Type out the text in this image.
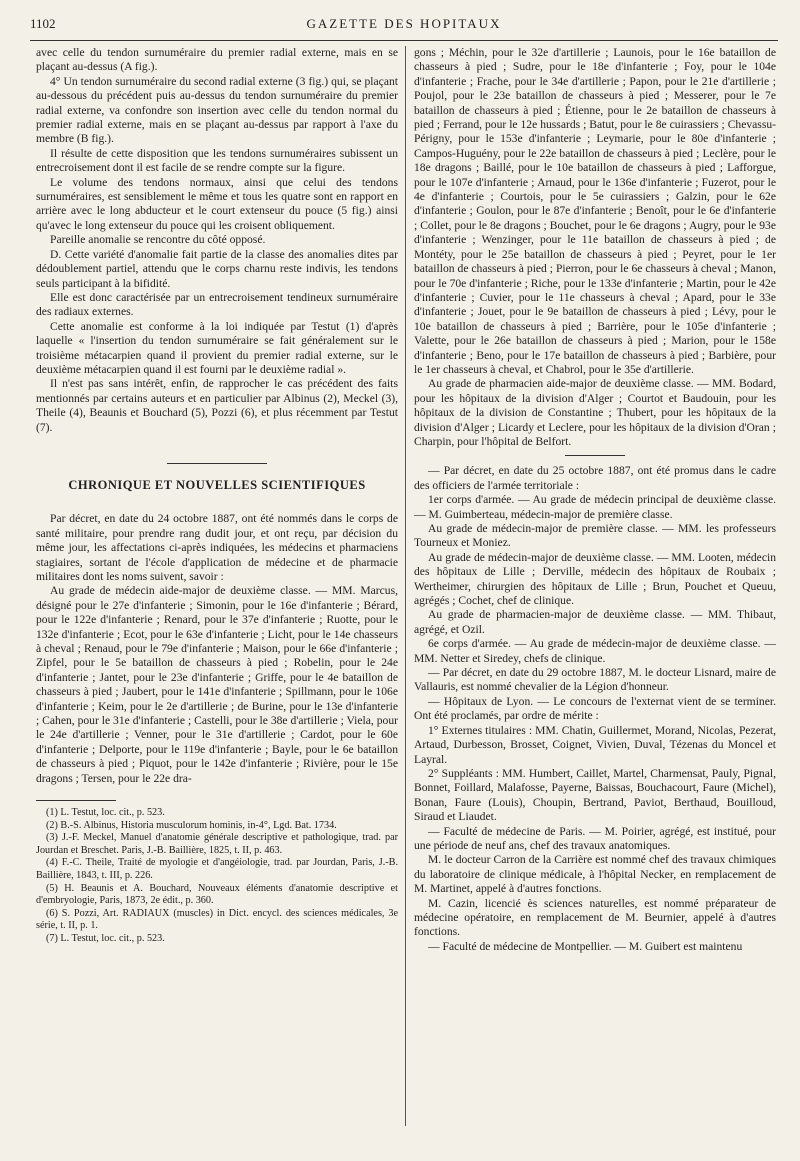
1102	GAZETTE DES HOPITAUX

avec celle du tendon surnuméraire du premier radial externe, mais en se plaçant au-dessus (A fig.).

4° Un tendon surnuméraire du second radial externe (3 fig.) qui, se plaçant au-dessous du précédent puis au-dessus du tendon surnuméraire du premier radial externe, va confondre son insertion avec celle du tendon normal du premier radial externe, mais en se plaçant au-dessus par rapport à l'axe du membre (B fig.).

Il résulte de cette disposition que les tendons surnuméraires subissent un entrecroisement dont il est facile de se rendre compte sur la figure.

Le volume des tendons normaux, ainsi que celui des tendons surnuméraires, est sensiblement le même et tous les quatre sont en rapport en arrière avec le long abducteur et le court extenseur du pouce (5 fig.) ainsi qu'avec le long extenseur du pouce qui les croisent obliquement.

Pareille anomalie se rencontre du côté opposé.

D. Cette variété d'anomalie fait partie de la classe des anomalies dites par dédoublement partiel, attendu que le corps charnu reste indivis, les tendons seuls participant à la bifidité.

Elle est donc caractérisée par un entrecroisement tendineux surnuméraire des radiaux externes.

Cette anomalie est conforme à la loi indiquée par Testut (1) d'après laquelle « l'insertion du tendon surnuméraire se fait généralement sur le troisième métacarpien quand il provient du premier radial externe, sur le deuxième métacarpien quand il est fourni par le deuxième radial ».

Il n'est pas sans intérêt, enfin, de rapprocher le cas précédent des faits mentionnés par certains auteurs et en particulier par Albinus (2), Meckel (3), Theile (4), Beaunis et Bouchard (5), Pozzi (6), et plus récemment par Testut (7).

CHRONIQUE ET NOUVELLES SCIENTIFIQUES

Par décret, en date du 24 octobre 1887, ont été nommés dans le corps de santé militaire, pour prendre rang dudit jour, et ont reçu, par décision du même jour, les affectations ci-après indiquées, les médecins et pharmaciens stagiaires, sortant de l'école d'application de médecine et de pharmacie militaires dont les noms suivent, savoir :

Au grade de médecin aide-major de deuxième classe. — MM. Marcus, désigné pour le 27e d'infanterie ; Simonin, pour le 16e d'infanterie ; Bérard, pour le 122e d'infanterie ; Renard, pour le 37e d'infanterie ; Ruotte, pour le 132e d'infanterie ; Ecot, pour le 63e d'infanterie ; Licht, pour le 14e chasseurs à cheval ; Renaud, pour le 79e d'infanterie ; Maison, pour le 66e d'infanterie ; Zipfel, pour le 5e bataillon de chasseurs à pied ; Robelin, pour le 24e d'infanterie ; Jantet, pour le 23e d'infanterie ; Griffe, pour le 4e bataillon de chasseurs à pied ; Jaubert, pour le 141e d'infanterie ; Spillmann, pour le 106e d'infanterie ; Keim, pour le 2e d'artillerie ; de Burine, pour le 13e d'infanterie ; Cahen, pour le 31e d'infanterie ; Castelli, pour le 38e d'artillerie ; Viela, pour le 24e d'artillerie ; Venner, pour le 31e d'artillerie ; Cardot, pour le 60e d'infanterie ; Delporte, pour le 119e d'infanterie ; Bayle, pour le 6e bataillon de chasseurs à pied ; Piquot, pour le 142e d'infanterie ; Rivière, pour le 15e dragons ; Tersen, pour le 22e dra-

(1) L. Testut, loc. cit., p. 523.

(2) B.-S. Albinus, Historia musculorum hominis, in-4°, Lgd. Bat. 1734.

(3) J.-F. Meckel, Manuel d'anatomie générale descriptive et pathologique, trad. par Jourdan et Breschet. Paris, J.-B. Baillière, 1825, t. II, p. 463.

(4) F.-C. Theile, Traité de myologie et d'angéiologie, trad. par Jourdan, Paris, J.-B. Baillière, 1843, t. III, p. 226.

(5) H. Beaunis et A. Bouchard, Nouveaux éléments d'anatomie descriptive et d'embryologie, Paris, 1873, 2e édit., p. 360.

(6) S. Pozzi, Art. RADIAUX (muscles) in Dict. encycl. des sciences médicales, 3e série, t. II, p. 1.

(7) L. Testut, loc. cit., p. 523.

gons ; Méchin, pour le 32e d'artillerie ; Launois, pour le 16e bataillon de chasseurs à pied ; Sudre, pour le 18e d'infanterie ; Foy, pour le 104e d'infanterie ; Frache, pour le 34e d'artillerie ; Papon, pour le 21e d'artillerie ; Poujol, pour le 23e bataillon de chasseurs à pied ; Messerer, pour le 7e bataillon de chasseurs à pied ; Étienne, pour le 2e bataillon de chasseurs à pied ; Ferrand, pour le 12e hussards ; Batut, pour le 8e cuirassiers ; Chevassu-Périgny, pour le 153e d'infanterie ; Leymarie, pour le 80e d'infanterie ; Campos-Huguény, pour le 22e bataillon de chasseurs à pied ; Leclère, pour le 18e dragons ; Baillé, pour le 10e bataillon de chasseurs à pied ; Lafforgue, pour le 107e d'infanterie ; Arnaud, pour le 136e d'infanterie ; Fuzerot, pour le 4e d'infanterie ; Courtois, pour le 5e cuirassiers ; Galzin, pour le 62e d'infanterie ; Goulon, pour le 87e d'infanterie ; Benoît, pour le 6e d'infanterie ; Collet, pour le 8e dragons ; Bouchet, pour le 6e dragons ; Augry, pour le 93e d'infanterie ; Wenzinger, pour le 11e bataillon de chasseurs à pied ; de Montéty, pour le 25e bataillon de chasseurs à pied ; Peyret, pour le 1er bataillon de chasseurs à pied ; Pierron, pour le 6e chasseurs à cheval ; Manon, pour le 70e d'infanterie ; Riche, pour le 133e d'infanterie ; Martin, pour le 42e d'infanterie ; Cuvier, pour le 11e chasseurs à cheval ; Apard, pour le 33e d'infanterie ; Jouet, pour le 9e bataillon de chasseurs à pied ; Lévy, pour le 10e bataillon de chasseurs à pied ; Barrière, pour le 105e d'infanterie ; Valette, pour le 26e bataillon de chasseurs à pied ; Marion, pour le 158e d'infanterie ; Beno, pour le 17e bataillon de chasseurs à pied ; Barbière, pour le 1er chasseurs à cheval, et Chabrol, pour le 35e d'artillerie.

Au grade de pharmacien aide-major de deuxième classe. — MM. Bodard, pour les hôpitaux de la division d'Alger ; Courtot et Baudouin, pour les hôpitaux de la division de Constantine ; Thubert, pour les hôpitaux de la division d'Alger ; Licardy et Leclere, pour les hôpitaux de la division d'Oran ; Charpin, pour l'hôpital de Belfort.

— Par décret, en date du 25 octobre 1887, ont été promus dans le cadre des officiers de l'armée territoriale :

1er corps d'armée. — Au grade de médecin principal de deuxième classe. — M. Guimberteau, médecin-major de première classe.

Au grade de médecin-major de première classe. — MM. les professeurs Tourneux et Moniez.

Au grade de médecin-major de deuxième classe. — MM. Looten, médecin des hôpitaux de Lille ; Derville, médecin des hôpitaux de Roubaix ; Wertheimer, chirurgien des hôpitaux de Lille ; Brun, Pouchet et Queuu, agrégés ; Cochet, chef de clinique.

Au grade de pharmacien-major de deuxième classe. — MM. Thibaut, agrégé, et Ozil.

6e corps d'armée. — Au grade de médecin-major de deuxième classe. — MM. Netter et Siredey, chefs de clinique.

— Par décret, en date du 29 octobre 1887, M. le docteur Lisnard, maire de Vallauris, est nommé chevalier de la Légion d'honneur.

— Hôpitaux de Lyon. — Le concours de l'externat vient de se terminer. Ont été proclamés, par ordre de mérite :

1° Externes titulaires : MM. Chatin, Guillermet, Morand, Nicolas, Pezerat, Artaud, Durbesson, Brosset, Coignet, Vivien, Duval, Tézenas du Moncel et Layral.

2° Suppléants : MM. Humbert, Caillet, Martel, Charmensat, Pauly, Pignal, Bonnet, Foillard, Malafosse, Payerne, Baissas, Bouchacourt, Faure (Michel), Bonan, Faure (Louis), Choupin, Bertrand, Paviot, Berthaud, Bouilloud, Siraud et Liaudet.

— Faculté de médecine de Paris. — M. Poirier, agrégé, est institué, pour une période de neuf ans, chef des travaux anatomiques.

M. le docteur Carron de la Carrière est nommé chef des travaux chimiques du laboratoire de clinique médicale, à l'hôpital Necker, en remplacement de M. Martinet, appelé à d'autres fonctions.

M. Cazin, licencié ès sciences naturelles, est nommé préparateur de médecine opératoire, en remplacement de M. Beurnier, appelé à d'autres fonctions.

— Faculté de médecine de Montpellier. — M. Guibert est maintenu
